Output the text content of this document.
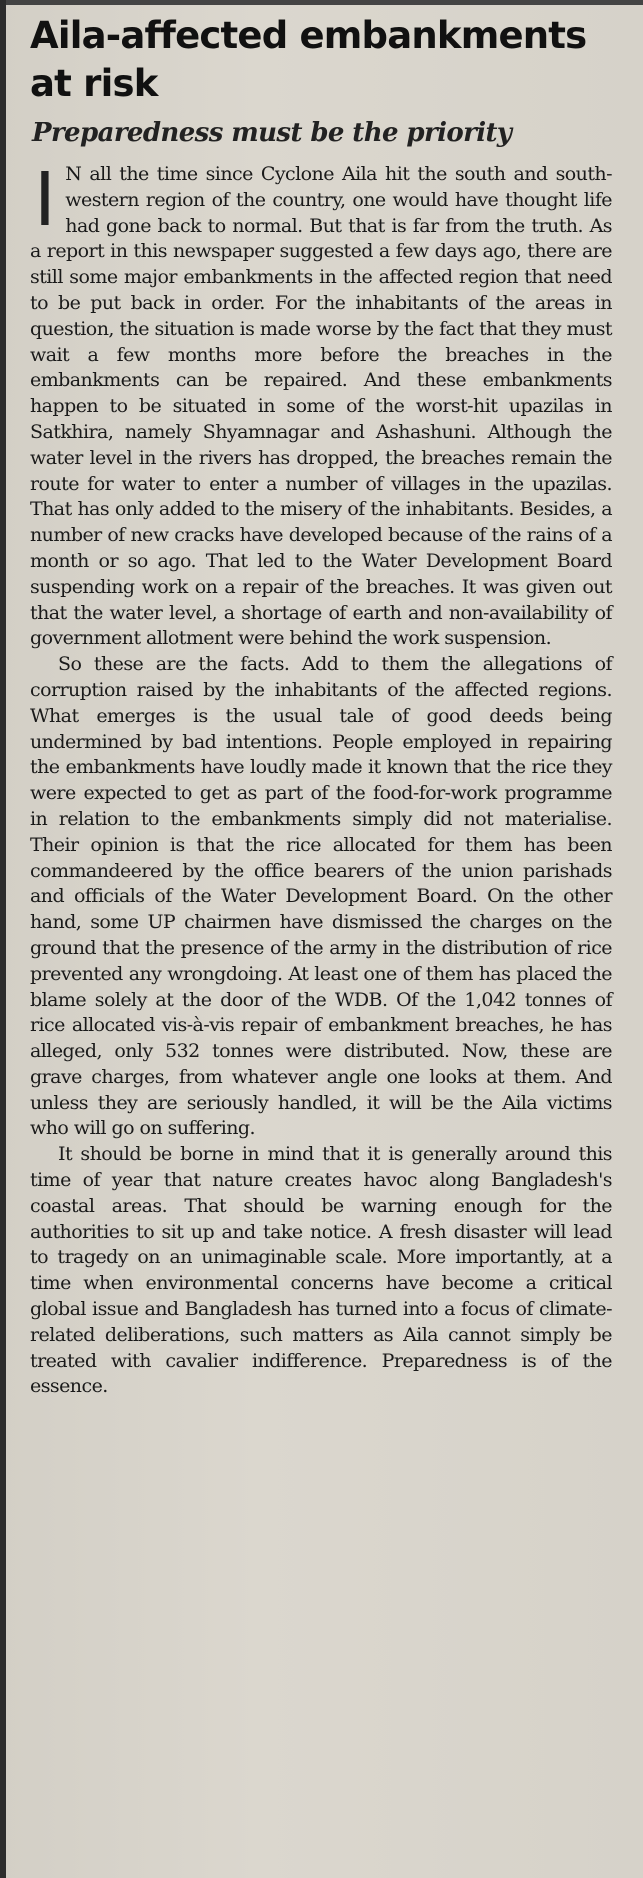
Aila-affected embankments at risk
Preparedness must be the priority

I N all the time since Cyclone Aila hit the south and south-western region of the country, one would have thought life had gone back to normal. But that is far from the truth. As a report in this newspaper suggested a few days ago, there are still some major embankments in the affected region that need to be put back in order. For the inhabitants of the areas in question, the situation is made worse by the fact that they must wait a few months more before the breaches in the embankments can be repaired. And these embankments happen to be situated in some of the worst-hit upazilas in Satkhira, namely Shyamnagar and Ashashuni. Although the water level in the rivers has dropped, the breaches remain the route for water to enter a number of villages in the upazilas. That has only added to the misery of the inhabitants. Besides, a number of new cracks have developed because of the rains of a month or so ago. That led to the Water Development Board suspending work on a repair of the breaches. It was given out that the water level, a shortage of earth and non-availability of government allotment were behind the work suspension.

So these are the facts. Add to them the allegations of corruption raised by the inhabitants of the affected regions. What emerges is the usual tale of good deeds being undermined by bad intentions. People employed in repairing the embankments have loudly made it known that the rice they were expected to get as part of the food-for-work programme in relation to the embankments simply did not materialise. Their opinion is that the rice allocated for them has been commandeered by the office bearers of the union parishads and officials of the Water Development Board. On the other hand, some UP chairmen have dismissed the charges on the ground that the presence of the army in the distribution of rice prevented any wrongdoing. At least one of them has placed the blame solely at the door of the WDB. Of the 1,042 tonnes of rice allocated vis-à-vis repair of embankment breaches, he has alleged, only 532 tonnes were distributed. Now, these are grave charges, from whatever angle one looks at them. And unless they are seriously handled, it will be the Aila victims who will go on suffering.

It should be borne in mind that it is generally around this time of year that nature creates havoc along Bangladesh's coastal areas. That should be warning enough for the authorities to sit up and take notice. A fresh disaster will lead to tragedy on an unimaginable scale. More importantly, at a time when environmental concerns have become a critical global issue and Bangladesh has turned into a focus of climate-related deliberations, such matters as Aila cannot simply be treated with cavalier indifference. Preparedness is of the essence.
